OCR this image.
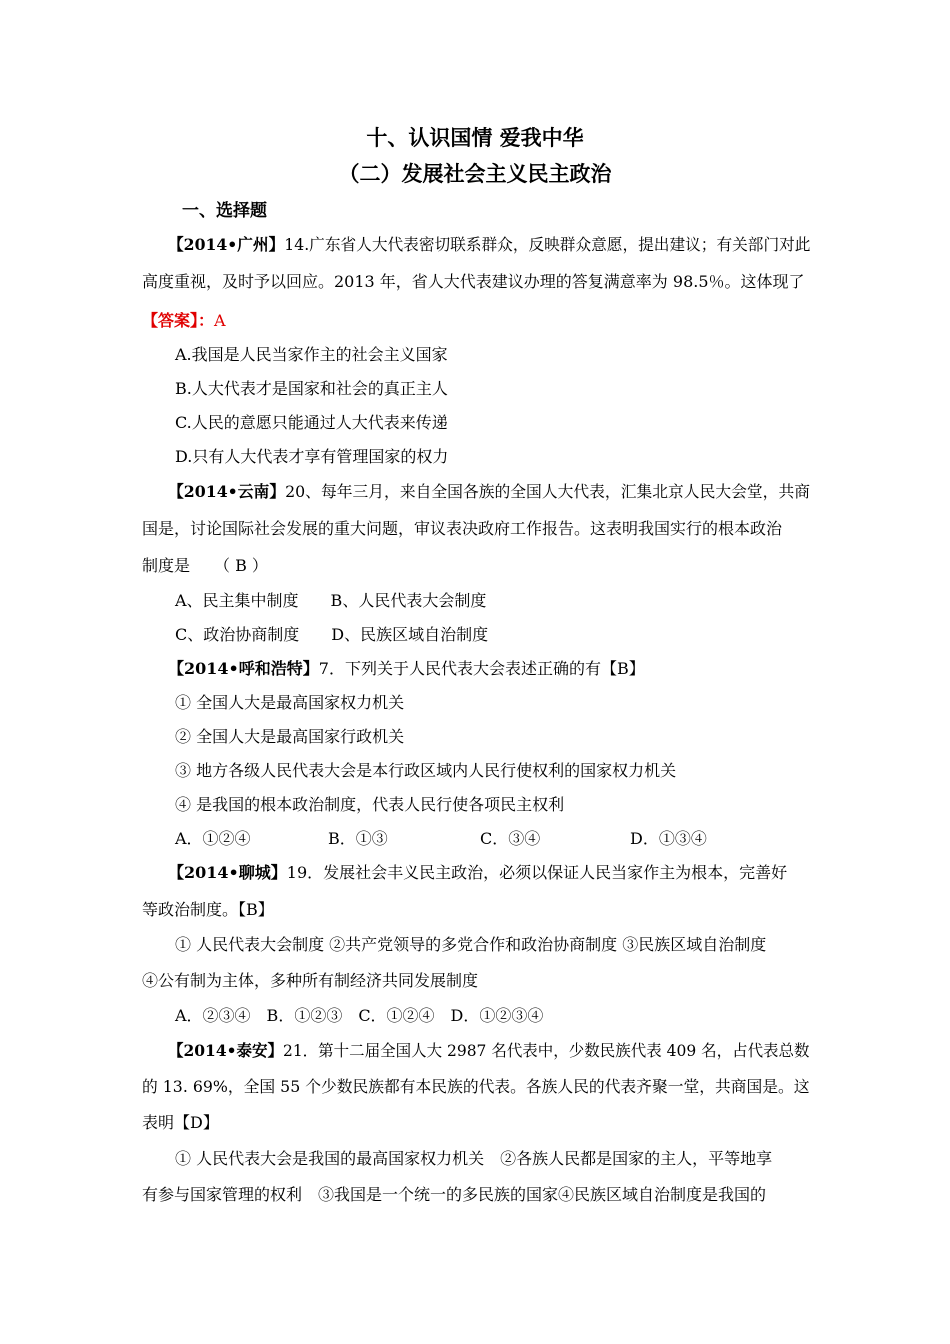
十、认识国情 爱我中华
（二）发展社会主义民主政治
一、选择题
【2014•广州】14.广东省人大代表密切联系群众，反映群众意愿，提出建议；有关部门对此
高度重视，及时予以回应。2013 年，省人大代表建议办理的答复满意率为 98.5％。这体现了
【答案】：A
A.我国是人民当家作主的社会主义国家
B.人大代表才是国家和社会的真正主人
C.人民的意愿只能通过人大代表来传递
D.只有人大代表才享有管理国家的权力
【2014•云南】20、每年三月，来自全国各族的全国人大代表，汇集北京人民大会堂，共商
国是，讨论国际社会发展的重大问题，审议表决政府工作报告。这表明我国实行的根本政治
制度是　　（ B ）
A、民主集中制度　　B、人民代表大会制度
C、政治协商制度　　D、民族区域自治制度
【2014•呼和浩特】7．下列关于人民代表大会表述正确的有【B】
① 全国人大是最高国家权力机关
② 全国人大是最高国家行政机关
③ 地方各级人民代表大会是本行政区域内人民行使权利的国家权力机关
④ 是我国的根本政治制度，代表人民行使各项民主权利
A．①②④	B．①③	C．③④	D．①③④
【2014•聊城】19．发展社会丰义民主政治，必须以保证人民当家作主为根本，完善好
等政治制度。【B】
① 人民代表大会制度 ②共产党领导的多党合作和政治协商制度 ③民族区域自治制度
④公有制为主体，多种所有制经济共同发展制度
A．②③④　B．①②③　C．①②④　D．①②③④
【2014•泰安】21．第十二届全国人大 2987 名代表中，少数民族代表 409 名，占代表总数
的 13. 69%，全国 55 个少数民族都有本民族的代表。各族人民的代表齐聚一堂，共商国是。这
表明【D】
① 人民代表大会是我国的最高国家权力机关　②各族人民都是国家的主人，平等地享
有参与国家管理的权利　③我国是一个统一的多民族的国家④民族区域自治制度是我国的
